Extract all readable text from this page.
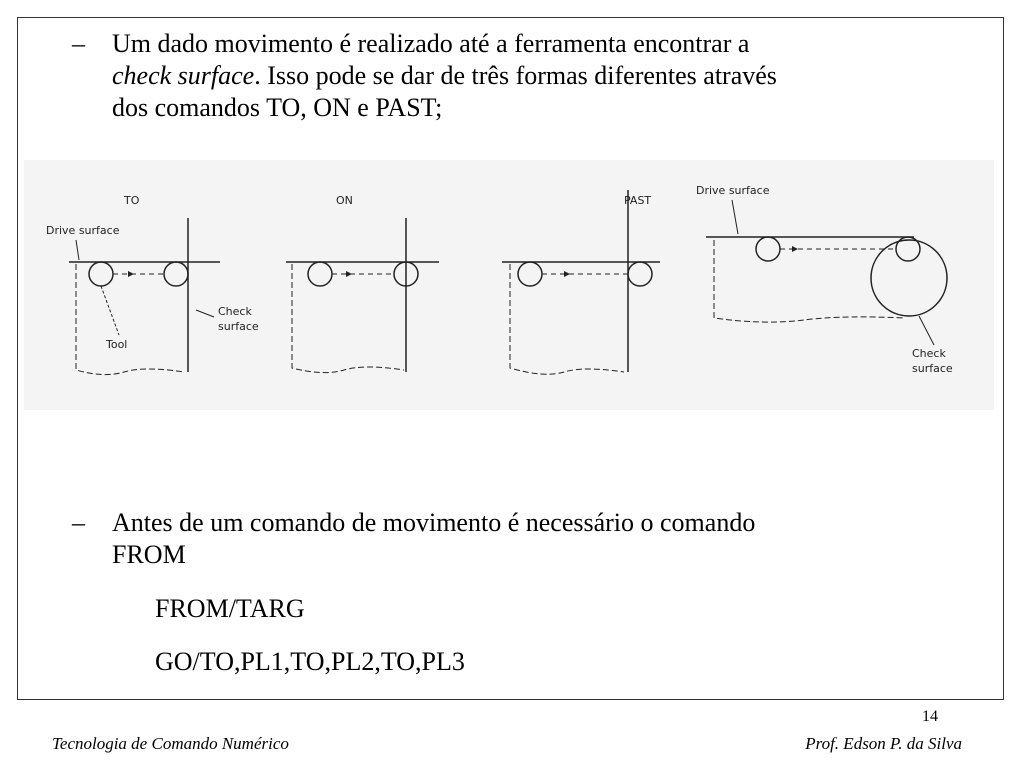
– Um dado movimento é realizado até a ferramenta encontrar a
check surface. Isso pode se dar de três formas diferentes através
dos comandos TO, ON e PAST;
TO
Drive surface
Tool
Check
surface
ON	PAST
Drive surface
Check
surface
– Antes de um comando de movimento é necessário o comando
FROM
FROM/TARG
GO/TO,PL1,TO,PL2,TO,PL3
14
Tecnologia de Comando Numérico	Prof. Edson P. da Silva
